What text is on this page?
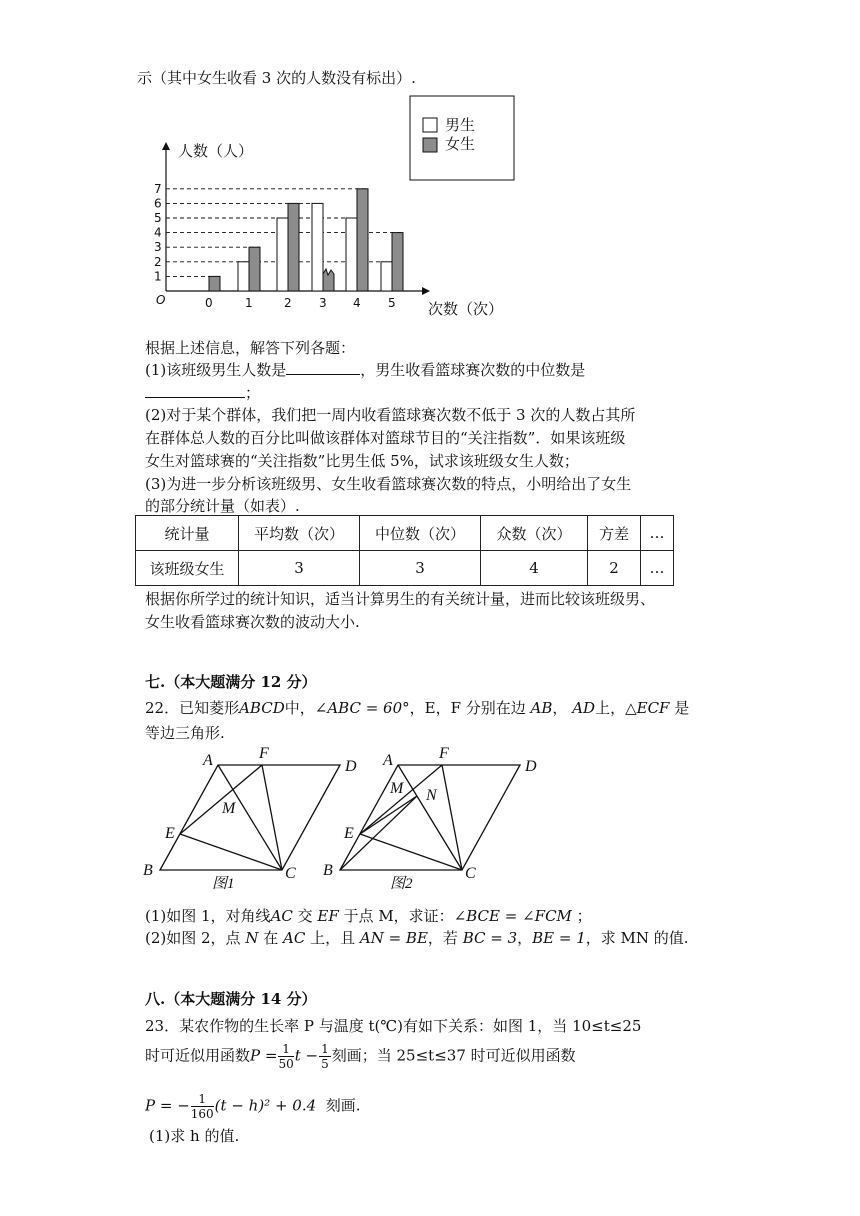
示（其中女生收看 3 次的人数没有标出）.
人数（人）
次数（次）
O
1
2
3
4
5
6
7
0	1	2 3 4 5
男生
女生
根据上述信息，解答下列各题：
(1)该班级男生人数是	，男生收看篮球赛次数的中位数是
；
(2)对于某个群体，我们把一周内收看篮球赛次数不低于 3 次的人数占其所
在群体总人数的百分比叫做该群体对篮球节目的“关注指数”．如果该班级
女生对篮球赛的“关注指数”比男生低 5%，试求该班级女生人数；
(3)为进一步分析该班级男、女生收看篮球赛次数的特点，小明给出了女生
的部分统计量（如表）.
统计量	平均数（次）	中位数（次）	众数（次）	方差	…
该班级女生	3	3	4	2	…
根据你所学过的统计知识，适当计算男生的有关统计量，进而比较该班级男、
女生收看篮球赛次数的波动大小.
七.（本大题满分 12 分）
22．已知菱形ABCD中，∠ABC = 60°，E，F 分别在边 AB， AD上，△ECF 是
等边三角形.
A	F
D
M
E
B	C
图1
A	F
D
M N
E
B	C
图2
(1)如图 1，对角线AC 交 EF 于点 M，求证：∠BCE = ∠FCM ；
(2)如图 2，点 N 在 AC 上，且 AN = BE，若 BC = 3，BE = 1，求 MN 的值.
八.（本大题满分 14 分）
23．某农作物的生长率 P 与温度 t(℃)有如下关系：如图 1，当 10≤t≤25
时可近似用函数$P = \frac{1}{50}$ $t - \frac{1}{5}$ 刻画；当 25≤t≤37 时可近似用函数
P = − $\frac{1}{160} (t - h)^2 + 0.4$ 刻画.
(1)求 h 的值.
